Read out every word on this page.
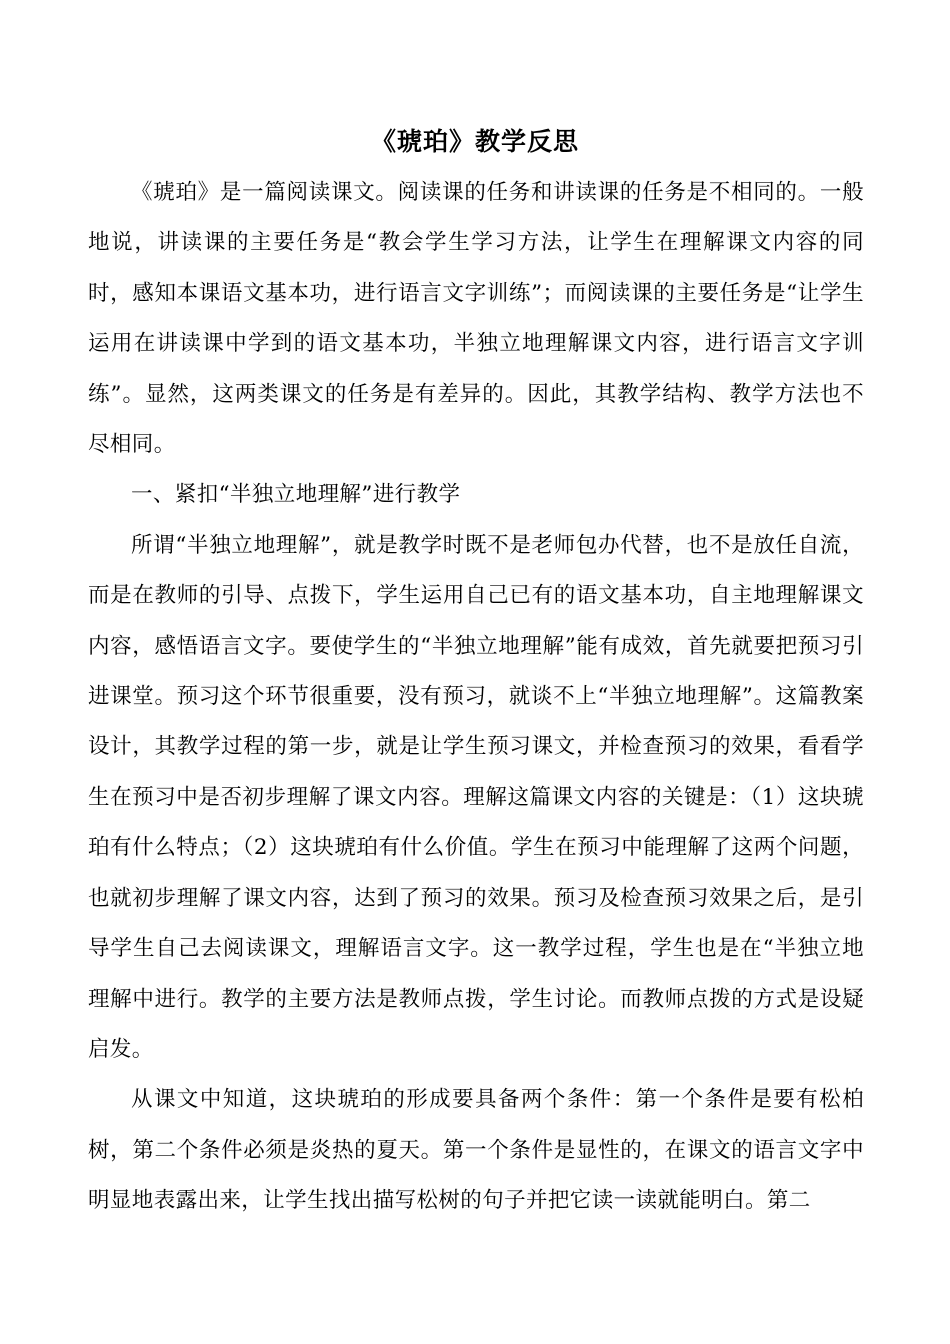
《琥珀》教学反思

《琥珀》是一篇阅读课文。阅读课的任务和讲读课的任务是不相同的。一般地说，讲读课的主要任务是“教会学生学习方法，让学生在理解课文内容的同时，感知本课语文基本功，进行语言文字训练”；而阅读课的主要任务是“让学生运用在讲读课中学到的语文基本功，半独立地理解课文内容，进行语言文字训练”。显然，这两类课文的任务是有差异的。因此，其教学结构、教学方法也不尽相同。

一、紧扣“半独立地理解”进行教学

所谓“半独立地理解”，就是教学时既不是老师包办代替，也不是放任自流，而是在教师的引导、点拨下，学生运用自己已有的语文基本功，自主地理解课文内容，感悟语言文字。要使学生的“半独立地理解”能有成效，首先就要把预习引进课堂。预习这个环节很重要，没有预习，就谈不上“半独立地理解”。这篇教案设计，其教学过程的第一步，就是让学生预习课文，并检查预习的效果，看看学生在预习中是否初步理解了课文内容。理解这篇课文内容的关键是：（1）这块琥珀有什么特点；（2）这块琥珀有什么价值。学生在预习中能理解了这两个问题，也就初步理解了课文内容，达到了预习的效果。预习及检查预习效果之后，是引导学生自己去阅读课文，理解语言文字。这一教学过程，学生也是在“半独立地理解中进行。教学的主要方法是教师点拨，学生讨论。而教师点拨的方式是设疑启发。

从课文中知道，这块琥珀的形成要具备两个条件：第一个条件是要有松柏树，第二个条件必须是炎热的夏天。第一个条件是显性的，在课文的语言文字中明显地表露出来，让学生找出描写松树的句子并把它读一读就能明白。第二
